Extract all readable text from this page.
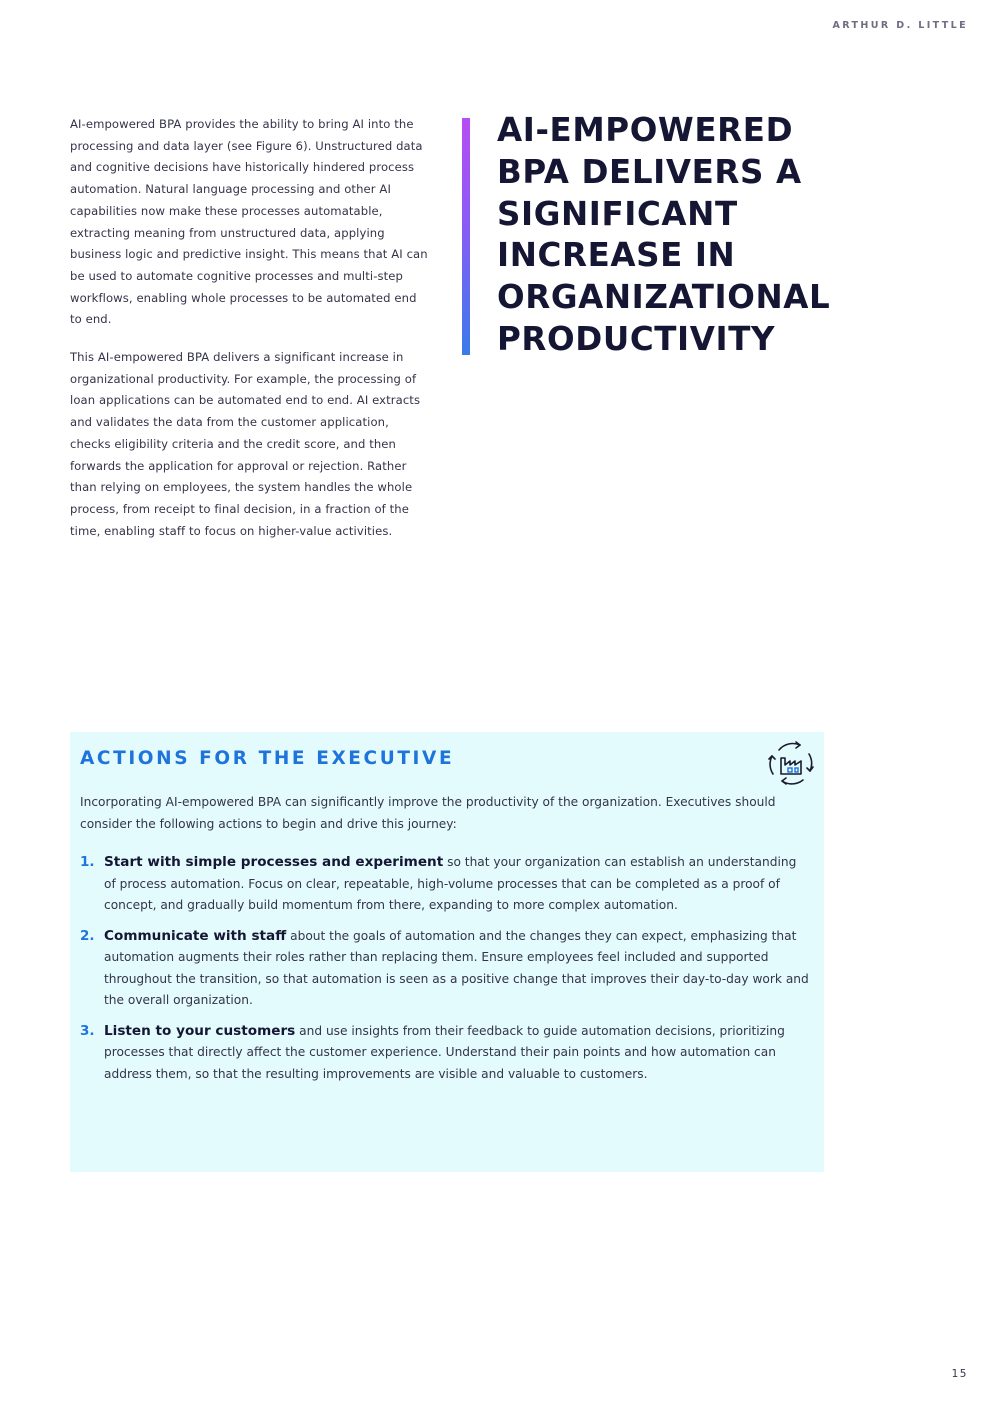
ARTHUR D. LITTLE

AI-empowered BPA provides the ability to bring AI into the processing and data layer (see Figure 6). Unstructured data and cognitive decisions have historically hindered process automation. Natural language processing and other AI capabilities now make these processes automatable, extracting meaning from unstructured data, applying business logic and predictive insight. This means that AI can be used to automate cognitive processes and multi-step workflows, enabling whole processes to be automated end to end.

This AI-empowered BPA delivers a significant increase in organizational productivity. For example, the processing of loan applications can be automated end to end. AI extracts and validates the data from the customer application, checks eligibility criteria and the credit score, and then forwards the application for approval or rejection. Rather than relying on employees, the system handles the whole process, from receipt to final decision, in a fraction of the time, enabling staff to focus on higher-value activities.

AI-EMPOWERED BPA DELIVERS A SIGNIFICANT INCREASE IN ORGANIZATIONAL PRODUCTIVITY
ACTIONS FOR THE EXECUTIVE

Incorporating AI-empowered BPA can significantly improve the productivity of the organization. Executives should consider the following actions to begin and drive this journey:

1. Start with simple processes and experiment so that your organization can establish an understanding of process automation. Focus on clear, repeatable, high-volume processes that can be completed as a proof of concept, and gradually build momentum from there, expanding to more complex automation.

2. Communicate with staff about the goals of automation and the changes they can expect, emphasizing that automation augments their roles rather than replacing them. Ensure employees feel included and supported throughout the transition, so that automation is seen as a positive change that improves their day-to-day work and the overall organization.

3. Listen to your customers and use insights from their feedback to guide automation decisions, prioritizing processes that directly affect the customer experience. Understand their pain points and how automation can address them, so that the resulting improvements are visible and valuable to customers.

15
